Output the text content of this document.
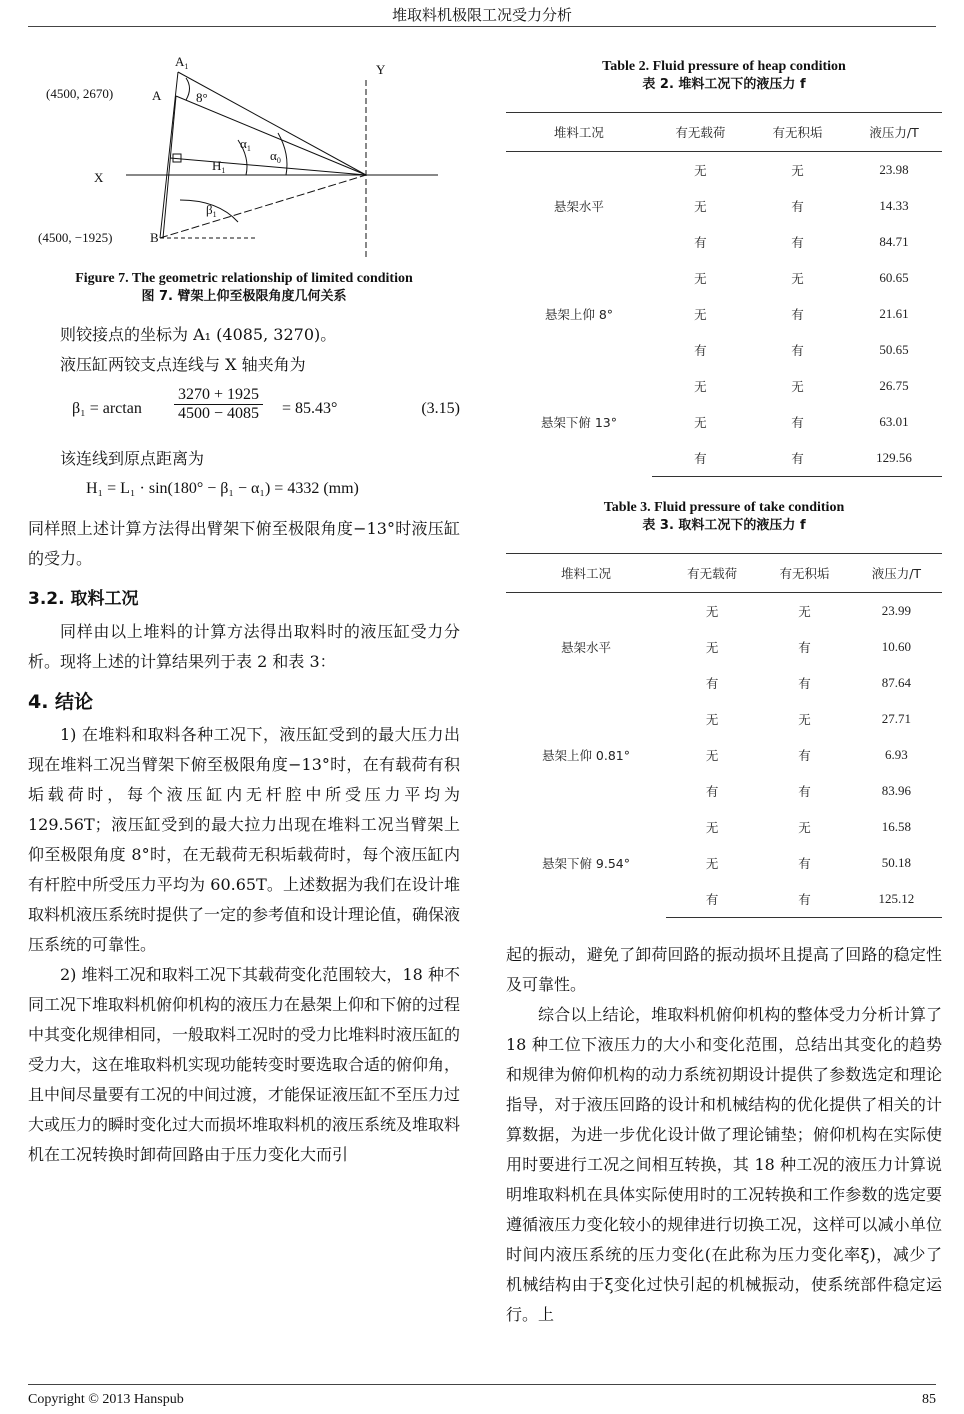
堆取料机极限工况受力分析
$A_1$
A
Y
X
B
8°
$\alpha_1$ $\alpha_0$
$H_1$
$\beta_1$
(4500, 2670)
(4500, −1925)
Figure 7. The geometric relationship of limited condition
图 7. 臂架上仰至极限角度几何关系

则铰接点的坐标为 A₁ (4085, 3270)。

液压缸两铰支点连线与 X 轴夹角为

$\beta_1 = \arctan \frac{3270 + 1925}{4500 - 4085} = 85.43^\circ$	(3.15)

该连线到原点距离为

H₁ = L₁ · sin(180° − β₁ − α₁) = 4332 (mm)

同样照上述计算方法得出臂架下俯至极限角度−13°时液压缸的受力。

3.2. 取料工况

同样由以上堆料的计算方法得出取料时的液压缸受力分析。现将上述的计算结果列于表 2 和表 3：

4. 结论

1) 在堆料和取料各种工况下，液压缸受到的最大压力出现在堆料工况当臂架下俯至极限角度−13°时，在有载荷有积垢载荷时，每个液压缸内无杆腔中所受压力平均为 129.56T；液压缸受到的最大拉力出现在堆料工况当臂架上仰至极限角度 8°时，在无载荷无积垢载荷时，每个液压缸内有杆腔中所受压力平均为 60.65T。上述数据为我们在设计堆取料机液压系统时提供了一定的参考值和设计理论值，确保液压系统的可靠性。

2) 堆料工况和取料工况下其载荷变化范围较大，18 种不同工况下堆取料机俯仰机构的液压力在悬架上仰和下俯的过程中其变化规律相同，一般取料工况时的受力比堆料时液压缸的受力大，这在堆取料机实现功能转变时要选取合适的俯仰角，且中间尽量要有工况的中间过渡，才能保证液压缸不至压力过大或压力的瞬时变化过大而损坏堆取料机的液压系统及堆取料机在工况转换时卸荷回路由于压力变化大而引

Table 2. Fluid pressure of heap condition
表 2. 堆料工况下的液压力 f
堆料工况	有无载荷	有无积垢	液压力/T
悬架水平	无	无	23.98
	无	有	14.33
	有	有	84.71
悬架上仰 8°	无	无	60.65
	无	有	21.61
	有	有	50.65
悬架下俯 13°	无	无	26.75
	无	有	63.01
	有	有	129.56
Table 3. Fluid pressure of take condition
表 3. 取料工况下的液压力 f
堆料工况	有无载荷	有无积垢	液压力/T
悬架水平	无	无	23.99
	无	有	10.60
	有	有	87.64
悬架上仰 0.81°	无	无	27.71
	无	有	6.93
	有	有	83.96
悬架下俯 9.54°	无	无	16.58
	无	有	50.18
	有	有	125.12

起的振动，避免了卸荷回路的振动损坏且提高了回路的稳定性及可靠性。

综合以上结论，堆取料机俯仰机构的整体受力分析计算了 18 种工位下液压力的大小和变化范围，总结出其变化的趋势和规律为俯仰机构的动力系统初期设计提供了参数选定和理论指导，对于液压回路的设计和机械结构的优化提供了相关的计算数据，为进一步优化设计做了理论铺垫；俯仰机构在实际使用时要进行工况之间相互转换，其 18 种工况的液压力计算说明堆取料机在具体实际使用时的工况转换和工作参数的选定要遵循液压力变化较小的规律进行切换工况，这样可以减小单位时间内液压系统的压力变化(在此称为压力变化率ξ)，减少了机械结构由于ξ变化过快引起的机械振动，使系统部件稳定运行。上

Copyright © 2013 Hanspub	85
